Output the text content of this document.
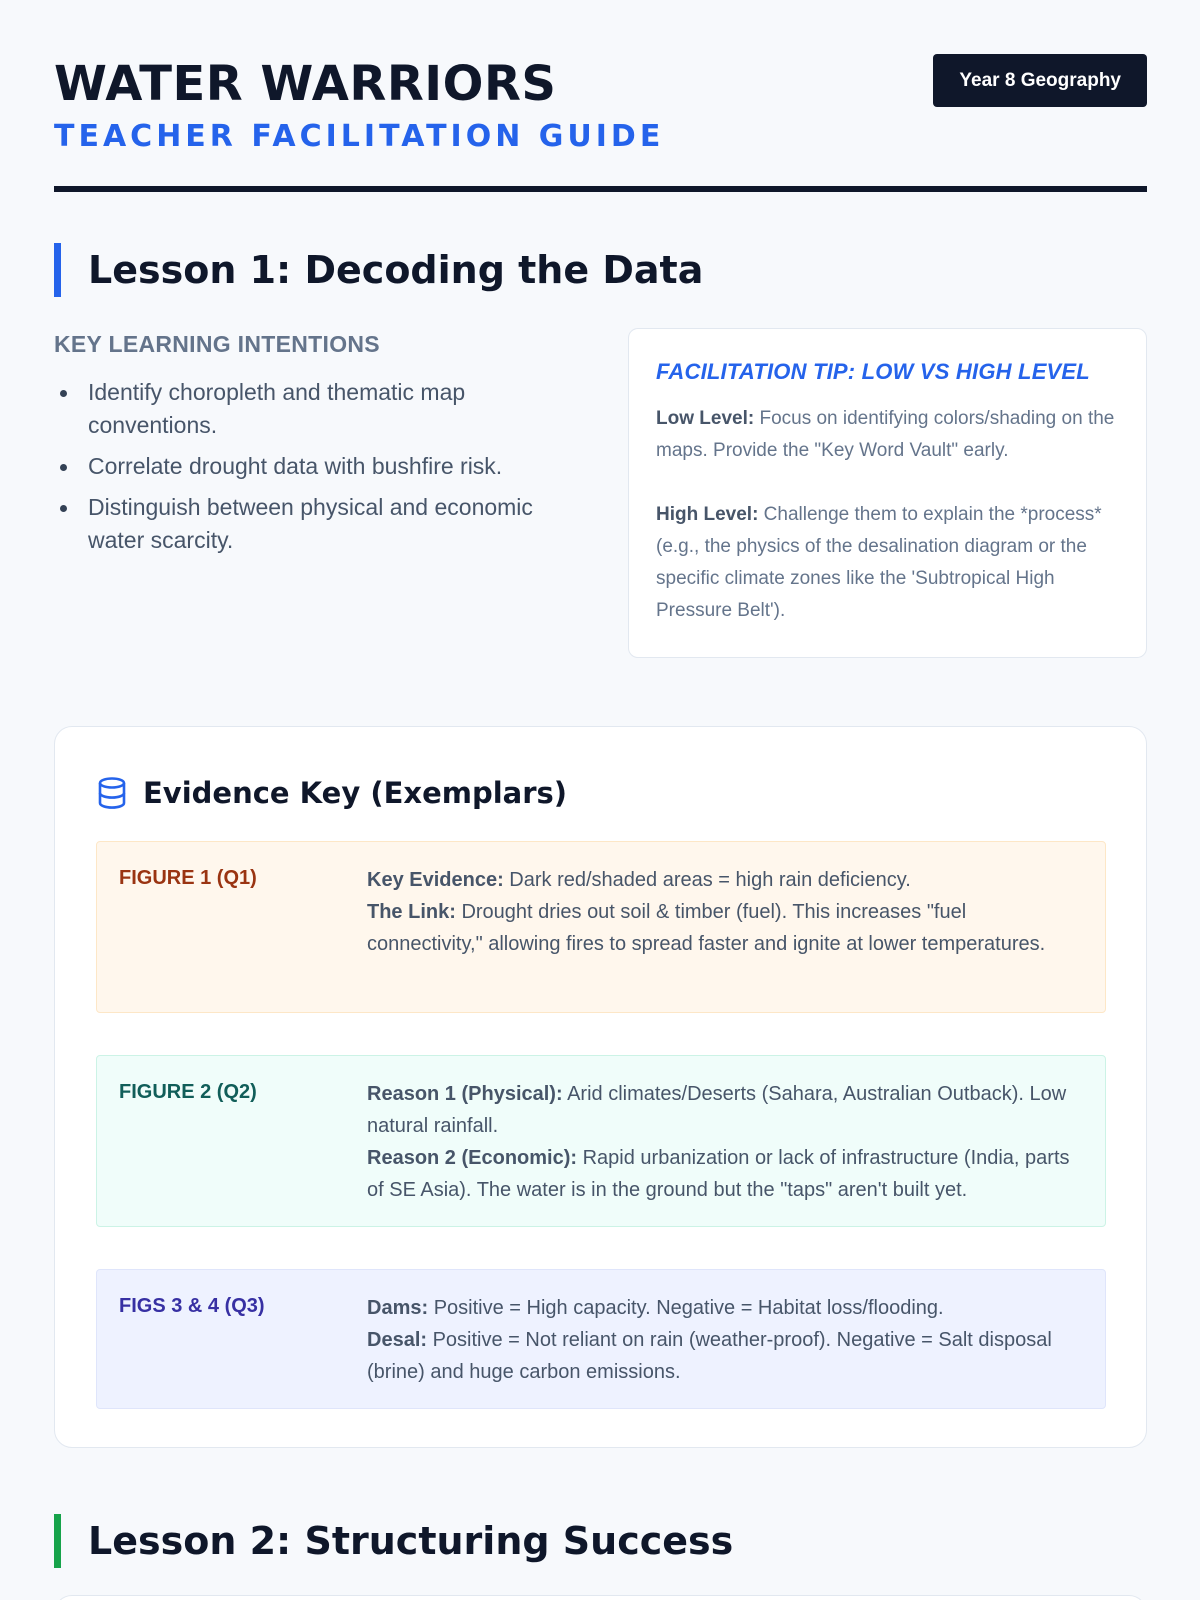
WATER WARRIORS
TEACHER FACILITATION GUIDE
Year 8 Geography
Lesson 1: Decoding the Data
KEY LEARNING INTENTIONS
Identify choropleth and thematic map conventions.
Correlate drought data with bushfire risk.
Distinguish between physical and economic water scarcity.
FACILITATION TIP: LOW VS HIGH LEVEL

Low Level: Focus on identifying colors/shading on the maps. Provide the "Key Word Vault" early.

High Level: Challenge them to explain the *process* (e.g., the physics of the desalination diagram or the specific climate zones like the 'Subtropical High Pressure Belt').

Evidence Key (Exemplars)
FIGURE 1 (Q1)	Key Evidence: Dark red/shaded areas = high rain deficiency.
The Link: Drought dries out soil & timber (fuel). This increases "fuel connectivity," allowing fires to spread faster and ignite at lower temperatures.
FIGURE 2 (Q2)	Reason 1 (Physical): Arid climates/Deserts (Sahara, Australian Outback). Low natural rainfall.
Reason 2 (Economic): Rapid urbanization or lack of infrastructure (India, parts of SE Asia). The water is in the ground but the "taps" aren't built yet.
FIGS 3 & 4 (Q3)	Dams: Positive = High capacity. Negative = Habitat loss/flooding.
Desal: Positive = Not reliant on rain (weather-proof). Negative = Salt disposal (brine) and huge carbon emissions.
Lesson 2: Structuring Success
